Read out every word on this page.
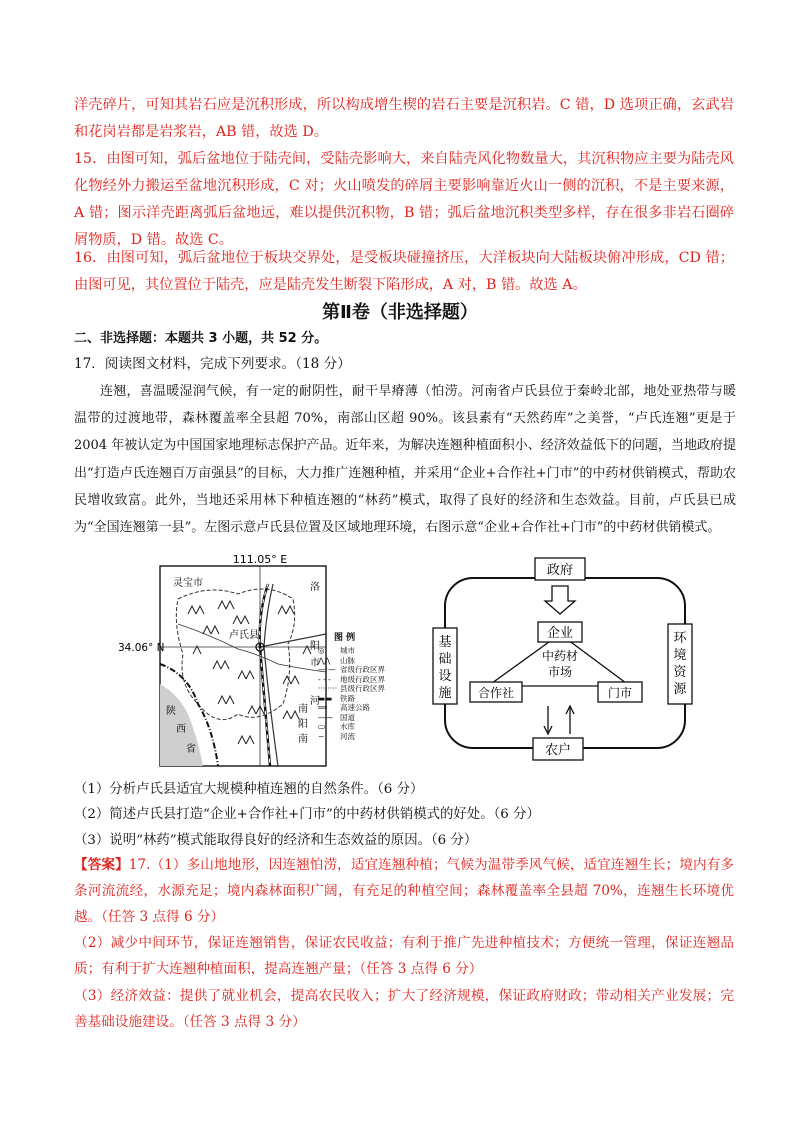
洋壳碎片，可知其岩石应是沉积形成，所以构成增生楔的岩石主要是沉积岩。C 错，D 选项正确，玄武岩和花岗岩都是岩浆岩，AB 错，故选 D。

15．由图可知，弧后盆地位于陆壳间，受陆壳影响大，来自陆壳风化物数量大，其沉积物应主要为陆壳风化物经外力搬运至盆地沉积形成，C 对；火山喷发的碎屑主要影响靠近火山一侧的沉积，不是主要来源，A 错；图示洋壳距离弧后盆地远，难以提供沉积物，B 错；弧后盆地沉积类型多样，存在很多非岩石圈碎屑物质，D 错。故选 C。

16．由图可知，弧后盆地位于板块交界处，是受板块碰撞挤压，大洋板块向大陆板块俯冲形成，CD 错；由图可见，其位置位于陆壳，应是陆壳发生断裂下陷形成，A 对，B 错。故选 A。

第Ⅱ卷（非选择题）
二、非选择题：本题共 3 小题，共 52 分。
17．阅读图文材料，完成下列要求。（18 分）

连翘，喜温暖湿润气候，有一定的耐阴性，耐干旱瘠薄（怕涝。河南省卢氏县位于秦岭北部，地处亚热带与暖温带的过渡地带，森林覆盖率全县超 70%，南部山区超 90%。该县素有“天然药库”之美誉，“卢氏连翘”更是于 2004 年被认定为中国国家地理标志保护产品。近年来，为解决连翘种植面积小、经济效益低下的问题，当地政府提出“打造卢氏连翘百万亩强县”的目标，大力推广连翘种植，并采用“企业+合作社+门市”的中药材供销模式，帮助农民增收致富。此外，当地还采用林下种植连翘的“林药”模式，取得了良好的经济和生态效益。目前，卢氏县已成为“全国连翘第一县”。左图示意卢氏县位置及区域地理环境，右图示意“企业+合作社+门市”的中药材供销模式。

111.05° E
34.06° N
灵宝市
卢氏县
洛
阳
市
河
南
阳
南
陕
西
省
图 例
◎ 城市
⋀⋀ 山脉
—·— 省级行政区界
- - - 地级行政区界
········ 县级行政区界
▬▬ 铁路
══ 高速公路
—— 国道
▭ 水库
∽ 河流
政府
企业
合作社	门市
农户
中药材
市场
基
础
设
施
环
境
资
源
（1）分析卢氏县适宜大规模种植连翘的自然条件。（6 分）
（2）简述卢氏县打造“企业+合作社+门市”的中药材供销模式的好处。（6 分）
（3）说明“林药”模式能取得良好的经济和生态效益的原因。（6 分）

【答案】17.（1）多山地地形，因连翘怕涝，适宜连翘种植；气候为温带季风气候，适宜连翘生长；境内有多条河流流经，水源充足；境内森林面积广阔，有充足的种植空间；森林覆盖率全县超 70%，连翘生长环境优越。（任答 3 点得 6 分）

（2）减少中间环节，保证连翘销售，保证农民收益；有利于推广先进种植技术；方便统一管理，保证连翘品质；有利于扩大连翘种植面积，提高连翘产量；（任答 3 点得 6 分）

（3）经济效益：提供了就业机会，提高农民收入；扩大了经济规模，保证政府财政；带动相关产业发展；完善基础设施建设。（任答 3 点得 3 分）
